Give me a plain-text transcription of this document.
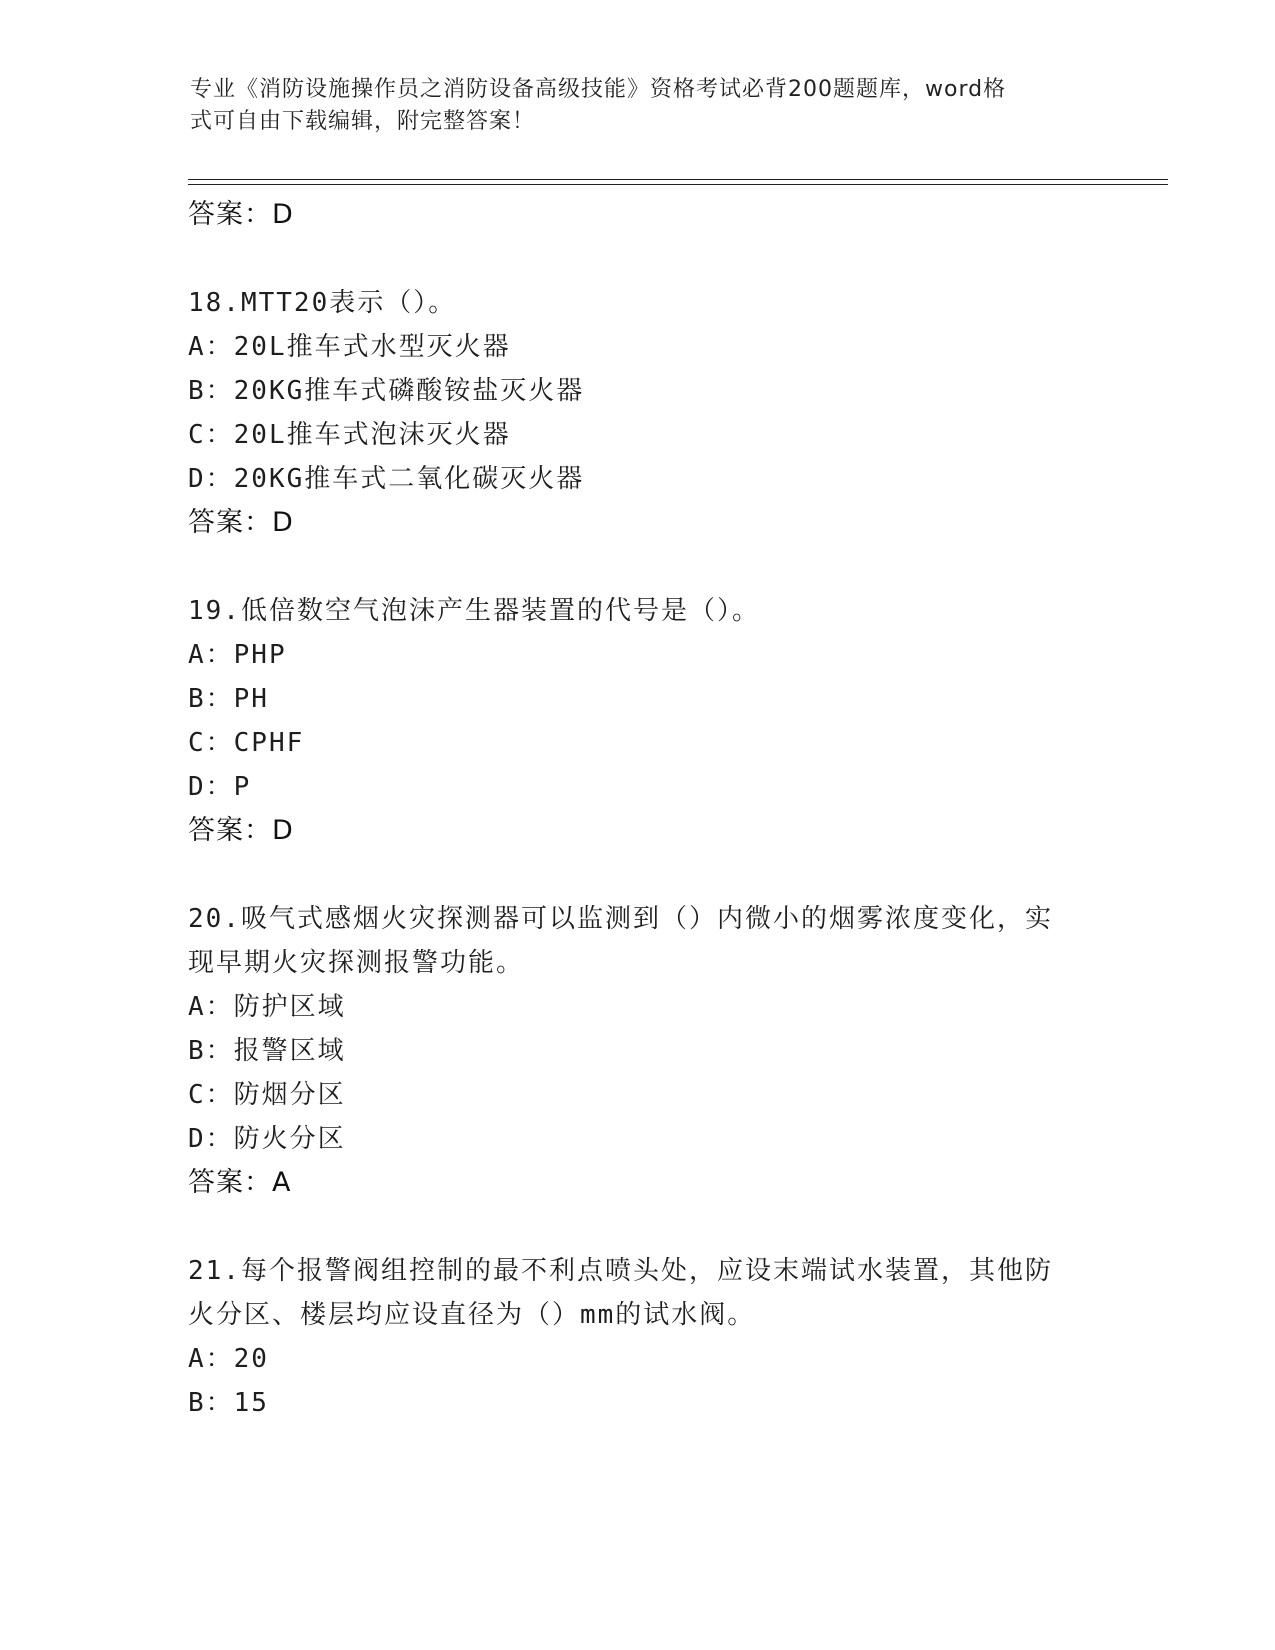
专业《消防设施操作员之消防设备高级技能》资格考试必背200题题库，word格
式可自由下载编辑，附完整答案！
答案：D
18.MTT20表示（）。
A：20L推车式水型灭火器
B：20KG推车式磷酸铵盐灭火器
C：20L推车式泡沫灭火器
D：20KG推车式二氧化碳灭火器
答案：D
19.低倍数空气泡沫产生器装置的代号是（）。
A：PHP
B：PH
C：CPHF
D：P
答案：D
20.吸气式感烟火灾探测器可以监测到（）内微小的烟雾浓度变化，实
现早期火灾探测报警功能。
A：防护区域
B：报警区域
C：防烟分区
D：防火分区
答案：A
21.每个报警阀组控制的最不利点喷头处，应设末端试水装置，其他防
火分区、楼层均应设直径为（）mm的试水阀。
A：20
B：15
